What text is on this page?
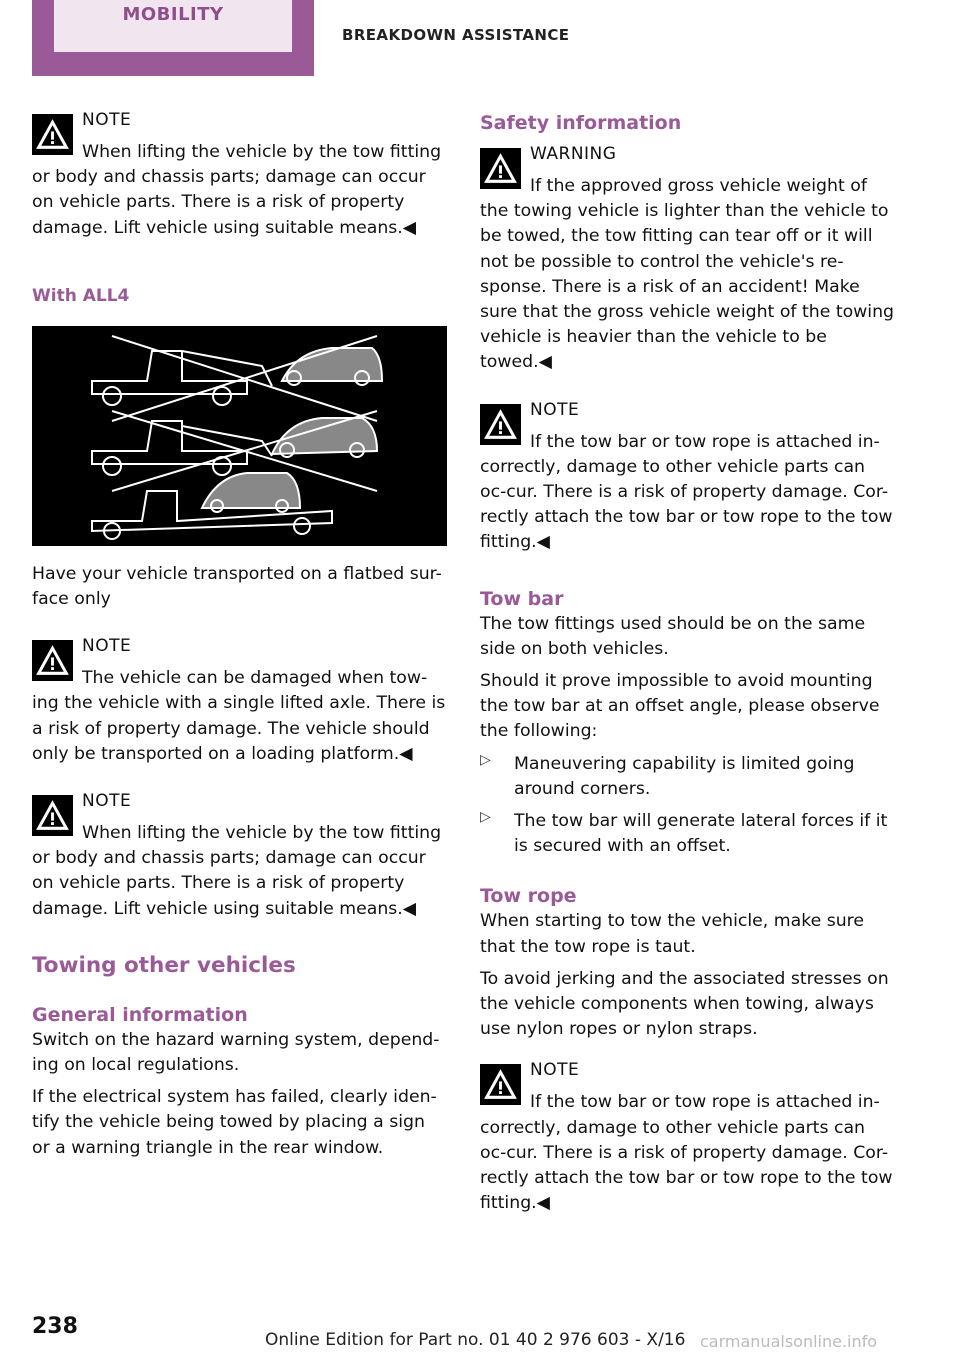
MOBILITY
BREAKDOWN ASSISTANCE
NOTE

When lifting the vehicle by the tow fitting

or body and chassis parts; damage can occur on vehicle parts. There is a risk of property damage. Lift vehicle using suitable means.◀

With ALL4

Have your vehicle transported on a flatbed sur-face only

NOTE

The vehicle can be damaged when tow-

ing the vehicle with a single lifted axle. There is a risk of property damage. The vehicle should only be transported on a loading platform.◀

NOTE

When lifting the vehicle by the tow fitting

or body and chassis parts; damage can occur on vehicle parts. There is a risk of property damage. Lift vehicle using suitable means.◀

Towing other vehicles
General information

Switch on the hazard warning system, depend-ing on local regulations.

If the electrical system has failed, clearly iden-tify the vehicle being towed by placing a sign or a warning triangle in the rear window.

Safety information
WARNING

If the approved gross vehicle weight of

the towing vehicle is lighter than the vehicle to be towed, the tow fitting can tear off or it will not be possible to control the vehicle's re-sponse. There is a risk of an accident! Make sure that the gross vehicle weight of the towing vehicle is heavier than the vehicle to be towed.◀

NOTE

If the tow bar or tow rope is attached in-

correctly, damage to other vehicle parts can oc-cur. There is a risk of property damage. Cor-rectly attach the tow bar or tow rope to the tow fitting.◀

Tow bar

The tow fittings used should be on the same side on both vehicles.

Should it prove impossible to avoid mounting the tow bar at an offset angle, please observe the following:

▷ Maneuvering capability is limited going around corners.

▷ The tow bar will generate lateral forces if it is secured with an offset.

Tow rope

When starting to tow the vehicle, make sure that the tow rope is taut.

To avoid jerking and the associated stresses on the vehicle components when towing, always use nylon ropes or nylon straps.

NOTE

If the tow bar or tow rope is attached in-

correctly, damage to other vehicle parts can oc-cur. There is a risk of property damage. Cor-rectly attach the tow bar or tow rope to the tow fitting.◀

238
Online Edition for Part no. 01 40 2 976 603 - X/16 carmanualsonline.info
